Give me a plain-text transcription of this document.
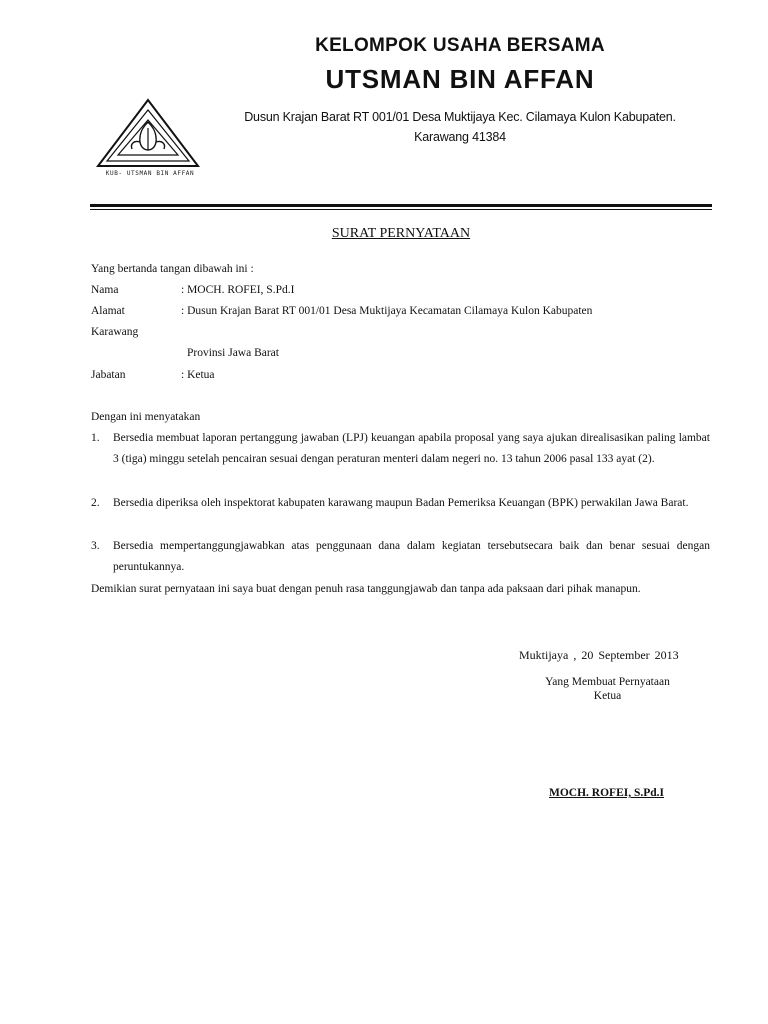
KUB- UTSMAN BIN AFFAN
KELOMPOK USAHA BERSAMA
UTSMAN BIN AFFAN
Dusun Krajan Barat RT 001/01 Desa Muktijaya Kec. Cilamaya Kulon Kabupaten.
Karawang 41384
SURAT PERNYATAAN
Yang bertanda tangan dibawah ini :
Nama	: MOCH. ROFEI, S.Pd.I
Alamat	: Dusun Krajan Barat RT 001/01 Desa Muktijaya Kecamatan Cilamaya Kulon Kabupaten
Karawang
Provinsi Jawa Barat
Jabatan	: Ketua
Dengan ini menyatakan
1. Bersedia membuat laporan pertanggung jawaban (LPJ) keuangan apabila proposal yang saya ajukan direalisasikan paling lambat 3 (tiga) minggu setelah pencairan sesuai dengan peraturan menteri dalam negeri no. 13 tahun 2006 pasal 133 ayat (2).
2. Bersedia diperiksa oleh inspektorat kabupaten karawang maupun Badan Pemeriksa Keuangan (BPK) perwakilan Jawa Barat.
3. Bersedia mempertanggungjawabkan atas penggunaan dana dalam kegiatan tersebutsecara baik dan benar sesuai dengan peruntukannya.
Demikian surat pernyataan ini saya buat dengan penuh rasa tanggungjawab dan tanpa ada paksaan dari pihak manapun.
Muktijaya , 20 September 2013
Yang Membuat Pernyataan
Ketua
MOCH. ROFEI, S.Pd.I
